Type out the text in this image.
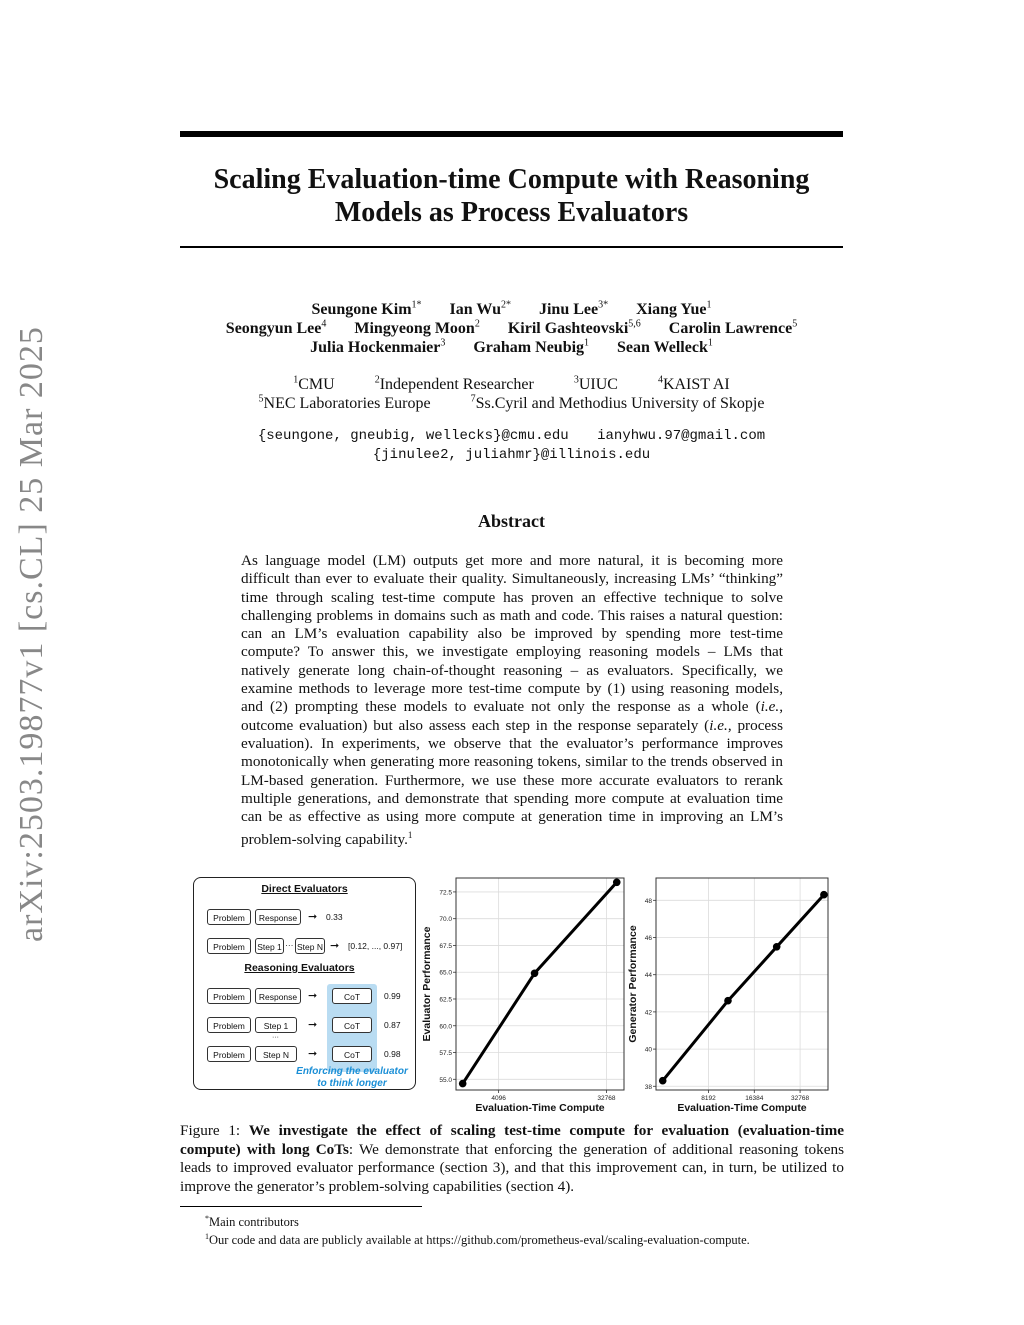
Scaling Evaluation-time Compute with Reasoning
Models as Process Evaluators
Seungone Kim$^{1*}$ Ian $Wu^{2*}$ Jinu Lee$^{3*}$ Xiang Yue$^1$
Seongyun Lee$^4$ Mingyeong Moon$^2$ Kiril Gashteovski$^{5,6}$ Carolin Lawrence$^5$
Julia Hockenmaier$^3$ Graham Neubig$^1$ Sean Welleck$^1$
$^1$CMU	$^2$Independent Researcher	$^3$UIUC	$^4$KAIST AI
$^5$NEC Laboratories Europe	$^7$Ss.Cyril and Methodius University of Skopje
{seungone, gneubig, wellecks}@cmu.edu ianyhwu.97@gmail.com
{jinulee2, juliahmr}@illinois.edu
Abstract
As language model (LM) outputs get more and more natural, it is becoming more difficult than ever to evaluate their quality. Simultaneously, increasing LMs’ “thinking” time through scaling test-time compute has proven an effective technique to solve challenging problems in domains such as math and code. This raises a natural question: can an LM’s evaluation capability also be improved by spending more test-time compute? To answer this, we investigate employing reasoning models – LMs that natively generate long chain-of-thought reasoning – as evaluators. Specifically, we examine methods to leverage more test-time compute by (1) using reasoning models, and (2) prompting these models to evaluate not only the response as a whole (i.e., outcome evaluation) but also assess each step in the response separately (i.e., process evaluation). In experiments, we observe that the evaluator’s performance improves monotonically when generating more reasoning tokens, similar to the trends observed in LM-based generation. Furthermore, we use these more accurate evaluators to rerank multiple generations, and demonstrate that spending more compute at evaluation time can be as effective as using more compute at generation time in improving an LM’s problem-solving capability.$^1$
arXiv:2503.19877v1 [cs.CL] 25 Mar 2025	Direct Evaluators
Problem	Response ➞ 0.33
Problem	Step 1 ··· Step N ➞ [0.12, ..., 0.97]
Reasoning Evaluators
Problem	Response ➞	CoT	0.99
Problem	Step 1	➞	CoT	0.87
···
Problem	Step N	➞	CoT	0.98
Enforcing the evaluator
to think longer	55.0
57.5
60.0
62.5
65.0
67.5
70.0
72.5
4096	32768
Evaluation-Time Compute
Evaluator Performance
38
40
42
44
46
48
8192	16384	32768
Evaluation-Time Compute
Generator Performance
Figure 1: We investigate the effect of scaling test-time compute for evaluation (evaluation-time compute) with long CoTs: We demonstrate that enforcing the generation of additional reasoning tokens leads to improved evaluator performance (section 3), and that this improvement can, in turn, be utilized to improve the generator’s problem-solving capabilities (section 4).
*Main contributors
$^1$Our code and data are publicly available at https://github.com/prometheus-eval/scaling-evaluation-compute.
